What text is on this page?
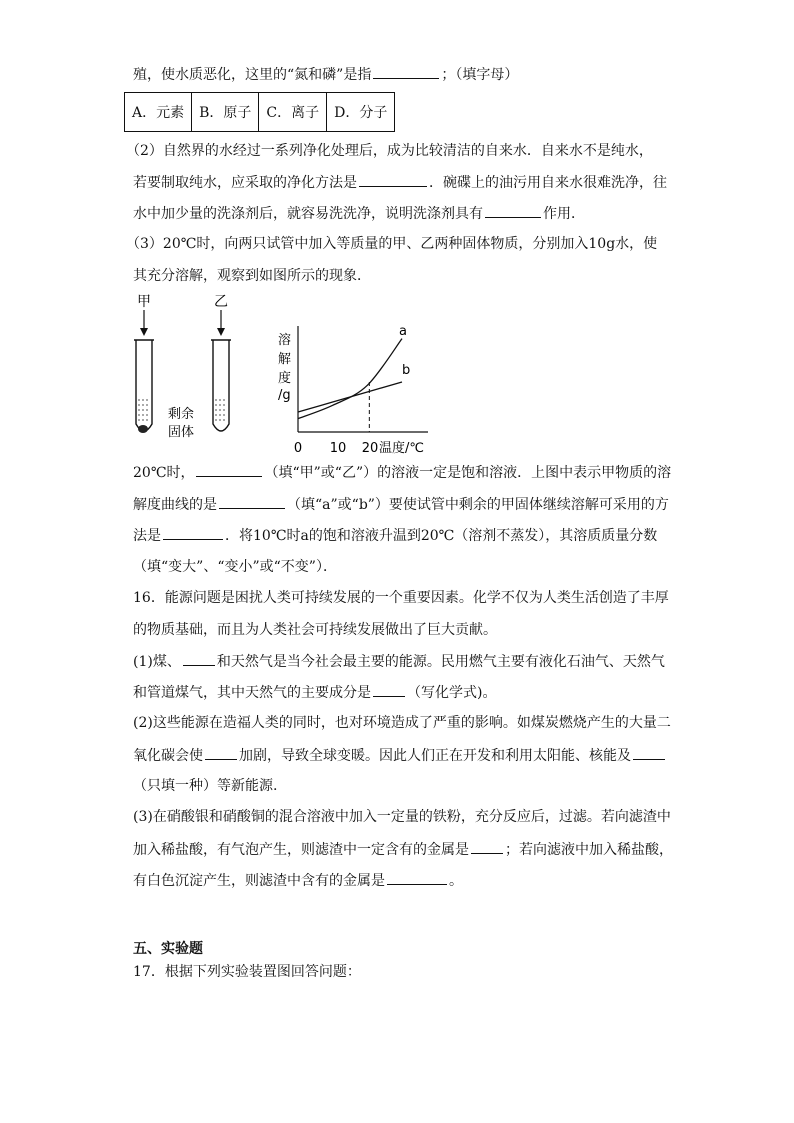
殖，使水质恶化，这里的“氮和磷”是指	；（填字母）
A．元素	B．原子	C．离子	D．分子
（2）自然界的水经过一系列净化处理后，成为比较清洁的自来水．自来水不是纯水，
若要制取纯水，应采取的净化方法是	．碗碟上的油污用自来水很难洗净，往
水中加少量的洗涤剂后，就容易洗洗净，说明洗涤剂具有	作用．
（3）20℃时，向两只试管中加入等质量的甲、乙两种固体物质，分别加入10g水，使
其充分溶解，观察到如图所示的现象．
甲
剩余
固体
乙
溶
解
度
/g
a
b
0 10 20 温度/℃
20℃时，	（填“甲”或“乙”）的溶液一定是饱和溶液．上图中表示甲物质的溶
解度曲线的是	（填“a”或“b”）要使试管中剩余的甲固体继续溶解可采用的方
法是	．将10℃时a的饱和溶液升温到20℃（溶剂不蒸发），其溶质质量分数
（填“变大”、“变小”或“不变”）．
16．能源问题是困扰人类可持续发展的一个重要因素。化学不仅为人类生活创造了丰厚
的物质基础，而且为人类社会可持续发展做出了巨大贡献。
(1)煤、	和天然气是当今社会最主要的能源。民用燃气主要有液化石油气、天然气
和管道煤气，其中天然气的主要成分是	（写化学式)。
(2)这些能源在造福人类的同时，也对环境造成了严重的影响。如煤炭燃烧产生的大量二
氧化碳会使	加剧，导致全球变暖。因此人们正在开发和利用太阳能、核能及
（只填一种）等新能源.
(3)在硝酸银和硝酸铜的混合溶液中加入一定量的铁粉，充分反应后，过滤。若向滤渣中
加入稀盐酸，有气泡产生，则滤渣中一定含有的金属是	；若向滤液中加入稀盐酸，
有白色沉淀产生，则滤渣中含有的金属是	。
五、实验题
17．根据下列实验装置图回答问题：
